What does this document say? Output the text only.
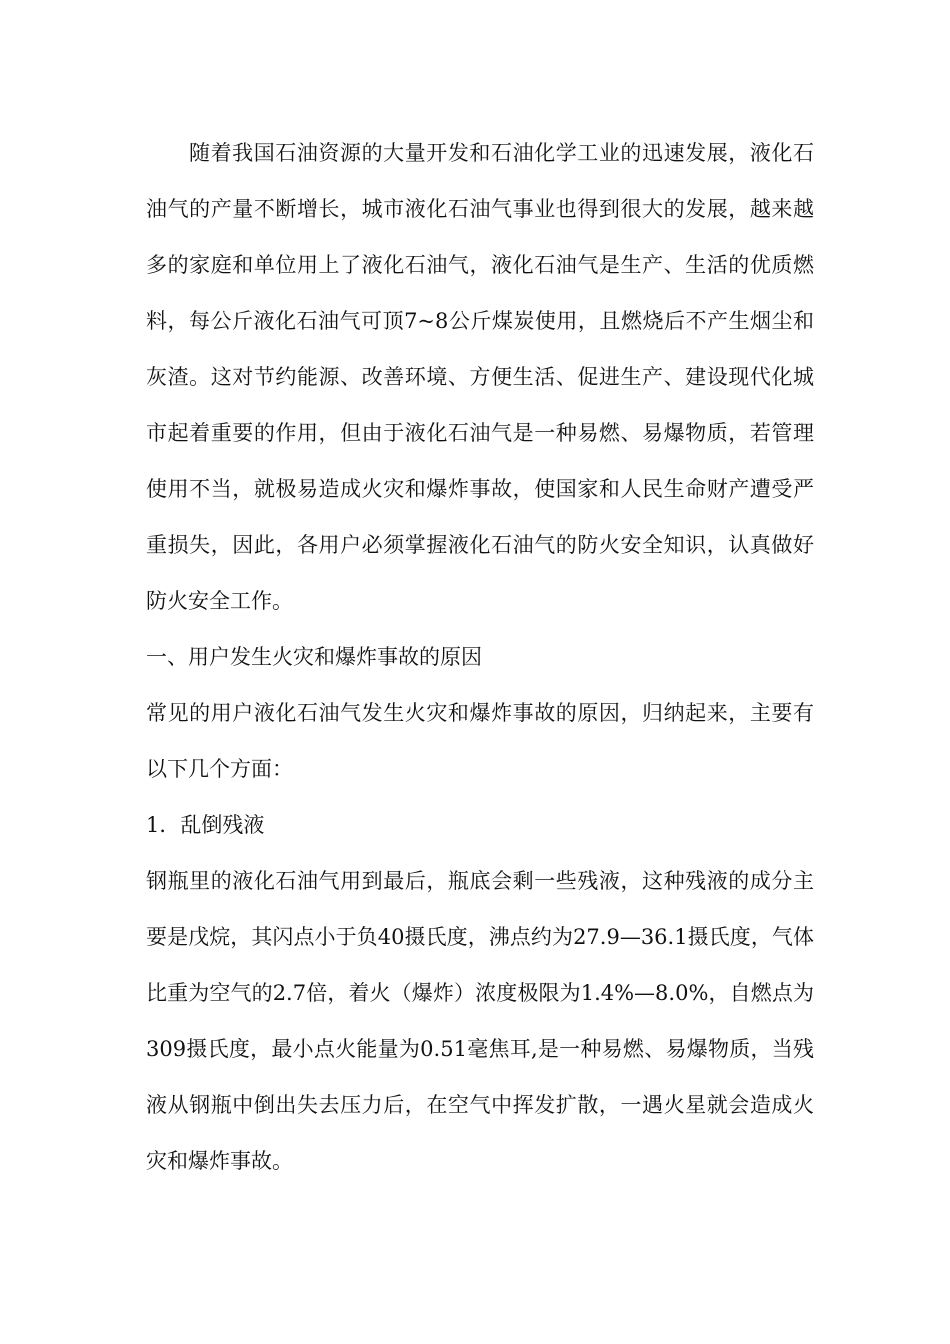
随着我国石油资源的大量开发和石油化学工业的迅速发展，液化石油气的产量不断增长，城市液化石油气事业也得到很大的发展，越来越多的家庭和单位用上了液化石油气，液化石油气是生产、生活的优质燃料，每公斤液化石油气可顶7~8公斤煤炭使用，且燃烧后不产生烟尘和灰渣。这对节约能源、改善环境、方便生活、促进生产、建设现代化城市起着重要的作用，但由于液化石油气是一种易燃、易爆物质，若管理使用不当，就极易造成火灾和爆炸事故，使国家和人民生命财产遭受严重损失，因此，各用户必须掌握液化石油气的防火安全知识，认真做好防火安全工作。

一、用户发生火灾和爆炸事故的原因

常见的用户液化石油气发生火灾和爆炸事故的原因，归纳起来，主要有以下几个方面：

1．乱倒残液

钢瓶里的液化石油气用到最后，瓶底会剩一些残液，这种残液的成分主要是戊烷，其闪点小于负40摄氏度，沸点约为27.9—36.1摄氏度，气体比重为空气的2.7倍，着火（爆炸）浓度极限为1.4%—8.0%，自燃点为309摄氏度，最小点火能量为0.51毫焦耳,是一种易燃、易爆物质，当残液从钢瓶中倒出失去压力后，在空气中挥发扩散，一遇火星就会造成火灾和爆炸事故。
